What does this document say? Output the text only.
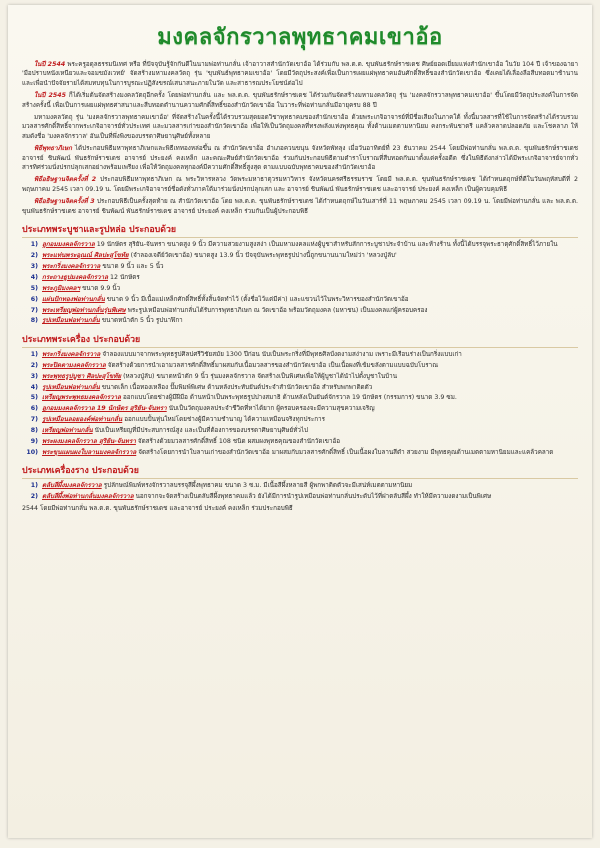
มงคลจักรวาลพุทธาคมเขาอ้อ
ในปี 2544 พระครูอดุลธรรมนิเทศ หรือ ที่ปัจจุบันรู้จักกันดีในนามพ่อท่านกลั่น เจ้าอาวาสสำนักวัดเขาอ้อ ได้ร่วมกับ พล.ต.ต. ขุนพันธรักษ์ราชเดช ศิษย์ยอดเยี่ยมแห่งสำนักเขาอ้อ ในวัย 104 ปี เจ้าของฉายา 'มือปราบหนังเหนียวและจอมขมังเวทย์' จัดสร้างมหามงคลวัตถุ รุ่น 'ขุนพันธ์พุทธาคมเขาอ้อ' โดยมีวัตถุประสงค์เพื่อเป็นการเผยแผ่พุทธาคมอันศักดิ์สิทธิ์ของสำนักวัดเขาอ้อ ซึ่งเคยได้เลื่องลือสืบทอดมาช้านาน และเพื่อนำปัจจัยรายได้สมทบทุนในการบูรณะปฏิสังขรณ์เสนาสนะภายในวัด และสาธารณประโยชน์ต่อไป
ในปี 2545 ก็ได้เริ่มต้นจัดสร้างมงคลวัตถุอีกครั้ง โดยพ่อท่านกลั่น และ พล.ต.ต. ขุนพันธรักษ์ราชเดช ได้ร่วมกันจัดสร้างมหามงคลวัตถุ รุ่น 'มงคลจักรวาลพุทธาคมเขาอ้อ' ขึ้นโดยมีวัตถุประสงค์ในการจัดสร้างครั้งนี้ เพื่อเป็นการเผยแผ่พุทธศาสนาและสืบทอดตำนานความศักดิ์สิทธิ์ของสำนักวัดเขาอ้อ ในวาระที่พ่อท่านกลั่นมีอายุครบ 88 ปี
มหามงคลวัตถุ รุ่น 'มงคลจักรวาลพุทธาคมเขาอ้อ' ที่จัดสร้างในครั้งนี้ได้รวบรวมสุดยอดวิชาพุทธาคมของสำนักเขาอ้อ ด้วยพระเกจิอาจารย์ที่มีชื่อเสียงในภาคใต้ ทั้งนี้มวลสารที่ใช้ในการจัดสร้างได้รวบรวมมวลสารศักดิ์สิทธิ์จากพระเกจิอาจารย์ทั่วประเทศ และมวลสารเก่าของสำนักวัดเขาอ้อ เพื่อให้เป็นวัตถุมงคลที่ทรงพลังแห่งพุทธคุณ ทั้งด้านเมตตามหานิยม คงกระพันชาตรี แคล้วคลาดปลอดภัย และโชคลาภ ให้สมดังชื่อ 'มงคลจักรวาล' อันเป็นที่พึ่งพิงของบรรดาศิษยานุศิษย์ทั้งหลาย
พิธีพุทธาภิเษก ได้ประกอบพิธีมหาพุทธาภิเษกและพิธีเททองหล่อขึ้น ณ สำนักวัดเขาอ้อ อำเภอควนขนุน จังหวัดพัทลุง เมื่อวันอาทิตย์ที่ 23 ธันวาคม 2544 โดยมีพ่อท่านกลั่น พล.ต.ต. ขุนพันธรักษ์ราชเดช อาจารย์ ชินพัฒน์ พันธรักษ์ราชเดช อาจารย์ ประยงค์ คงเหล็ก และคณะศิษย์สำนักวัดเขาอ้อ ร่วมกันประกอบพิธีตามตำราโบราณที่สืบทอดกันมาตั้งแต่ครั้งอดีต ซึ่งในพิธีดังกล่าวได้มีพระเกจิอาจารย์จากทั่วสารทิศร่วมนั่งปรกปลุกเสกอย่างพร้อมเพรียง เพื่อให้วัตถุมงคลทุกองค์มีความศักดิ์สิทธิ์สูงสุด ตามแบบฉบับพุทธาคมของสำนักวัดเขาอ้อ
พิธีอธิษฐานจิตครั้งที่ 2 ประกอบพิธีมหาพุทธาภิเษก ณ พระวิหารหลวง วัดพระมหาธาตุวรมหาวิหาร จังหวัดนครศรีธรรมราช โดยมี พล.ต.ต. ขุนพันธรักษ์ราชเดช ได้กำหนดฤกษ์ที่ดีในวันพฤหัสบดีที่ 2 พฤษภาคม 2545 เวลา 09.19 น. โดยมีพระเกจิอาจารย์ชื่อดังทั่วภาคใต้มาร่วมนั่งปรกปลุกเสก และ อาจารย์ ชินพัฒน์ พันธรักษ์ราชเดช และอาจารย์ ประยงค์ คงเหล็ก เป็นผู้ควบคุมพิธี
พิธีอธิษฐานจิตครั้งที่ 3 ประกอบพิธีเป็นครั้งสุดท้าย ณ สำนักวัดเขาอ้อ โดย พล.ต.ต. ขุนพันธรักษ์ราชเดช ได้กำหนดฤกษ์ในวันเสาร์ที่ 11 พฤษภาคม 2545 เวลา 09.19 น. โดยมีพ่อท่านกลั่น และ พล.ต.ต. ขุนพันธรักษ์ราชเดช อาจารย์ ชินพัฒน์ พันธรักษ์ราชเดช อาจารย์ ประยงค์ คงเหล็ก ร่วมกันเป็นผู้ประกอบพิธี
ประเภทพระบูชาและรูปหล่อ ประกอบด้วย
1) ลูกอมมงคลจักรวาล 19 นักษัตร สุริยัน-จันทรา ขนาดสูง 9 นิ้ว มีความสวยงามสูงสง่า เป็นมหามงคลแห่งผู้บูชาสำหรับสักการะบูชาประจำบ้าน และห้างร้าน ทั้งนี้ได้บรรจุพระธาตุศักดิ์สิทธิ์ไว้ภายใน
2) พระแท่นพระอุณณ์ ศิลปะสุโขทัย (จำลองเจดีย์วัดเขาอ้อ) ขนาดสูง 13.9 นิ้ว ปัจจุบันพระพุทธรูปปางนี้ถูกขนานนามใหม่ว่า 'หลวงปู่ลับ'
3) พระกริ่งมงคลจักรวาล ขนาด 9 นิ้ว และ 5 นิ้ว
4) กระถางธูปมงคลจักรวาล 12 นักษัตร
5) พระภูมิมงคลฯ ขนาด 9.9 นิ้ว
6) แผ่นปักทองพ่อท่านกลั่น ขนาด 9 นิ้ว มีเนื้อแม่เหล็กศักดิ์สิทธิ์ทั้งสิ้นจัดทำไว้ (ตั้งชื่อไว้แต่มีค่า) และแขวนไว้ในพระวิหารของสำนักวัดเขาอ้อ
7) พระเหรียญพ่อท่านกลั่นรุ่นพิเศษ พระรูปเหมือนพ่อท่านกลั่นได้รับการพุทธาภิเษก ณ วัดเขาอ้อ พร้อมวัตถุมงคล (มหาชน) เป็นมงคลแก่ผู้ครอบครอง
8) รูปเหมือนพ่อท่านกลั่น ขนาดหน้าตัก 5 นิ้ว รูปนาฬิกา
ประเภทพระเครื่อง ประกอบด้วย
1) พระกริ่งมงคลจักรวาล จำลองแบบมาจากพระพุทธรูปศิลปศรีวิชัยสมัย 1300 ปีก่อน นับเป็นพระกริ่งที่มีพุทธศิลป์งดงามสง่างาม เพราะมีเรือนร่างเป็นกริ่งแบบเก่า
2) พระปิดตามงคลจักรวาล จัดสร้างด้วยการนำเอามวลสารศักดิ์สิทธิ์มาผสมกับเนื้อมวลสารของสำนักวัดเขาอ้อ เป็นเนื้อผงที่เข้มขลังตามแบบฉบับโบราณ
3) พระพุทธรูปบูชา ศิลปะสุโขทัย (หลวงปู่ลับ) ขนาดหน้าตัก 9 นิ้ว รุ่นมงคลจักรวาล จัดสร้างเป็นพิเศษเพื่อให้ผู้บูชาได้นำไปตั้งบูชาในบ้าน
4) รูปเหมือนพ่อท่านกลั่น ขนาดเล็ก เนื้อทองเหลือง ปั๊มพิมพ์พิเศษ ด้านหลังประทับยันต์ประจำสำนักวัดเขาอ้อ สำหรับพกพาติดตัว
5) เหรียญพระพุทธมงคลจักรวาล ออกแบบโดยช่างผู้มีฝีมือ ด้านหน้าเป็นพระพุทธรูปปางสมาธิ ด้านหลังเป็นยันต์จักรวาล 19 นักษัตร (กรรมการ) ขนาด 3.9 ซม.
6) ลูกอมมงคลจักรวาล 19 นักษัตร สุริยัน-จันทรา นับเป็นวัตถุมงคลประจำชีวิตที่หาได้ยาก ผู้ครอบครองจะมีความสุขความเจริญ
7) รูปเหมือนลอยองค์พ่อท่านกลั่น ออกแบบปั้นหุ่นใหม่โดยช่างผู้มีความชำนาญ ได้ความเหมือนจริงทุกประการ
8) เหรียญพ่อท่านกลั่น นับเป็นเหรียญที่มีประสบการณ์สูง และเป็นที่ต้องการของบรรดาศิษยานุศิษย์ทั่วไป
9) พระผงมงคลจักรวาล สุริยัน-จันทรา จัดสร้างด้วยมวลสารศักดิ์สิทธิ์ 108 ชนิด ผสมผงพุทธคุณของสำนักวัดเขาอ้อ
10) พระขุนแผนผงใบลานมงคลจักรวาล จัดสร้างโดยการนำใบลานเก่าของสำนักวัดเขาอ้อ มาผสมกับมวลสารศักดิ์สิทธิ์ เป็นเนื้อผงใบลานสีดำ สวยงาม มีพุทธคุณด้านเมตตามหานิยมและแคล้วคลาด
ประเภทเครื่องราง ประกอบด้วย
1) ตลับสีผึ้งมงคลจักรวาล รูปลักษณ์พิมพ์ทรงจักรวาลบรรจุสีผึ้งพุทธาคม ขนาด 3 ซ.ม. มีเนื้อสีผึ้งหลายสี ผู้พกพาติดตัวจะมีเสน่ห์เมตตามหานิยม
2) ตลับสีผึ้งพ่อท่านกลั่นมงคลจักรวาล นอกจากจะจัดสร้างเป็นตลับสีผึ้งพุทธาคมแล้ว ยังได้มีการนำรูปเหมือนพ่อท่านกลั่นประดับไว้ที่ฝาตลับสีผึ้ง ทำให้มีความงดงามเป็นพิเศษ
2544 โดยมีพ่อท่านกลั่น พล.ต.ต. ขุนพันธรักษ์ราชเดช และอาจารย์ ประยงค์ คงเหล็ก ร่วมประกอบพิธี
